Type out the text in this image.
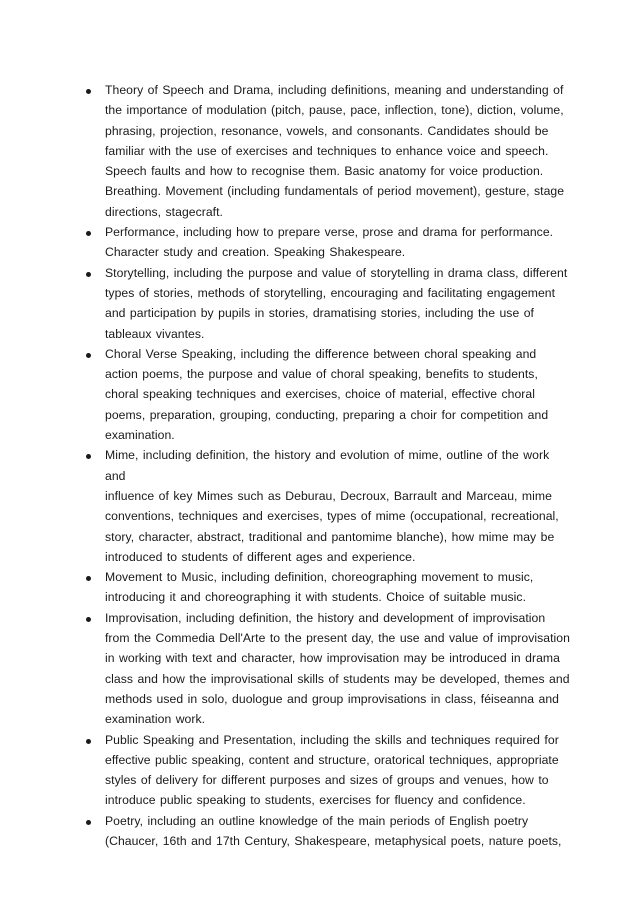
Theory of Speech and Drama, including definitions, meaning and understanding of
the importance of modulation (pitch, pause, pace, inflection, tone), diction, volume,
phrasing, projection, resonance, vowels, and consonants. Candidates should be
familiar with the use of exercises and techniques to enhance voice and speech.
Speech faults and how to recognise them. Basic anatomy for voice production.
Breathing. Movement (including fundamentals of period movement), gesture, stage
directions, stagecraft.
Performance, including how to prepare verse, prose and drama for performance.
Character study and creation. Speaking Shakespeare.
Storytelling, including the purpose and value of storytelling in drama class, different
types of stories, methods of storytelling, encouraging and facilitating engagement
and participation by pupils in stories, dramatising stories, including the use of
tableaux vivantes.
Choral Verse Speaking, including the difference between choral speaking and
action poems, the purpose and value of choral speaking, benefits to students,
choral speaking techniques and exercises, choice of material, effective choral
poems, preparation, grouping, conducting, preparing a choir for competition and
examination.
Mime, including definition, the history and evolution of mime, outline of the work and
influence of key Mimes such as Deburau, Decroux, Barrault and Marceau, mime
conventions, techniques and exercises, types of mime (occupational, recreational,
story, character, abstract, traditional and pantomime blanche), how mime may be
introduced to students of different ages and experience.
Movement to Music, including definition, choreographing movement to music,
introducing it and choreographing it with students. Choice of suitable music.
Improvisation, including definition, the history and development of improvisation
from the Commedia Dell'Arte to the present day, the use and value of improvisation
in working with text and character, how improvisation may be introduced in drama
class and how the improvisational skills of students may be developed, themes and
methods used in solo, duologue and group improvisations in class, féiseanna and
examination work.
Public Speaking and Presentation, including the skills and techniques required for
effective public speaking, content and structure, oratorical techniques, appropriate
styles of delivery for different purposes and sizes of groups and venues, how to
introduce public speaking to students, exercises for fluency and confidence.
Poetry, including an outline knowledge of the main periods of English poetry
(Chaucer, 16th and 17th Century, Shakespeare, metaphysical poets, nature poets,
